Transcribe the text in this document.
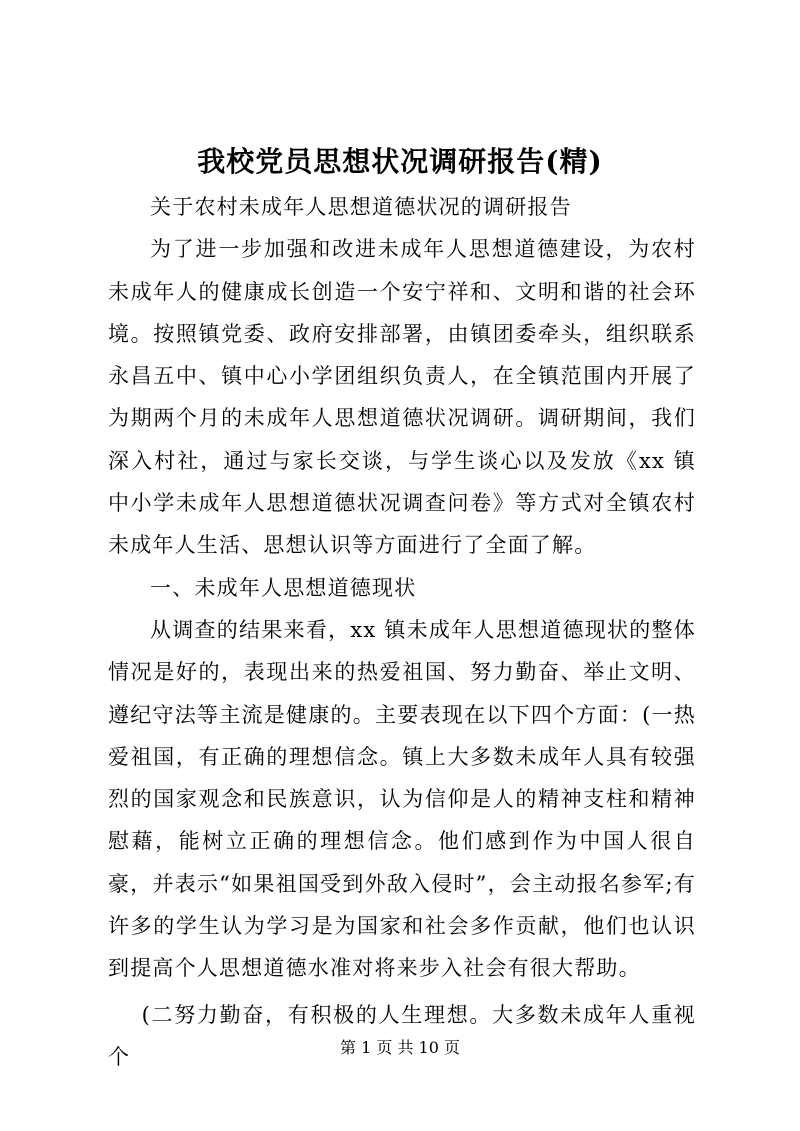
我校党员思想状况调研报告(精)

关于农村未成年人思想道德状况的调研报告

为了进一步加强和改进未成年人思想道德建设，为农村未成年人的健康成长创造一个安宁祥和、文明和谐的社会环境。按照镇党委、政府安排部署，由镇团委牵头，组织联系永昌五中、镇中心小学团组织负责人，在全镇范围内开展了为期两个月的未成年人思想道德状况调研。调研期间，我们深入村社，通过与家长交谈，与学生谈心以及发放《xx 镇中小学未成年人思想道德状况调查问卷》等方式对全镇农村未成年人生活、思想认识等方面进行了全面了解。

一、未成年人思想道德现状

从调查的结果来看，xx 镇未成年人思想道德现状的整体情况是好的，表现出来的热爱祖国、努力勤奋、举止文明、遵纪守法等主流是健康的。主要表现在以下四个方面：(一热爱祖国，有正确的理想信念。镇上大多数未成年人具有较强烈的国家观念和民族意识，认为信仰是人的精神支柱和精神慰藉，能树立正确的理想信念。他们感到作为中国人很自豪，并表示“如果祖国受到外敌入侵时”，会主动报名参军;有许多的学生认为学习是为国家和社会多作贡献，他们也认识到提高个人思想道德水准对将来步入社会有很大帮助。

(二努力勤奋，有积极的人生理想。大多数未成年人重视个	第 1 页 共 10 页
